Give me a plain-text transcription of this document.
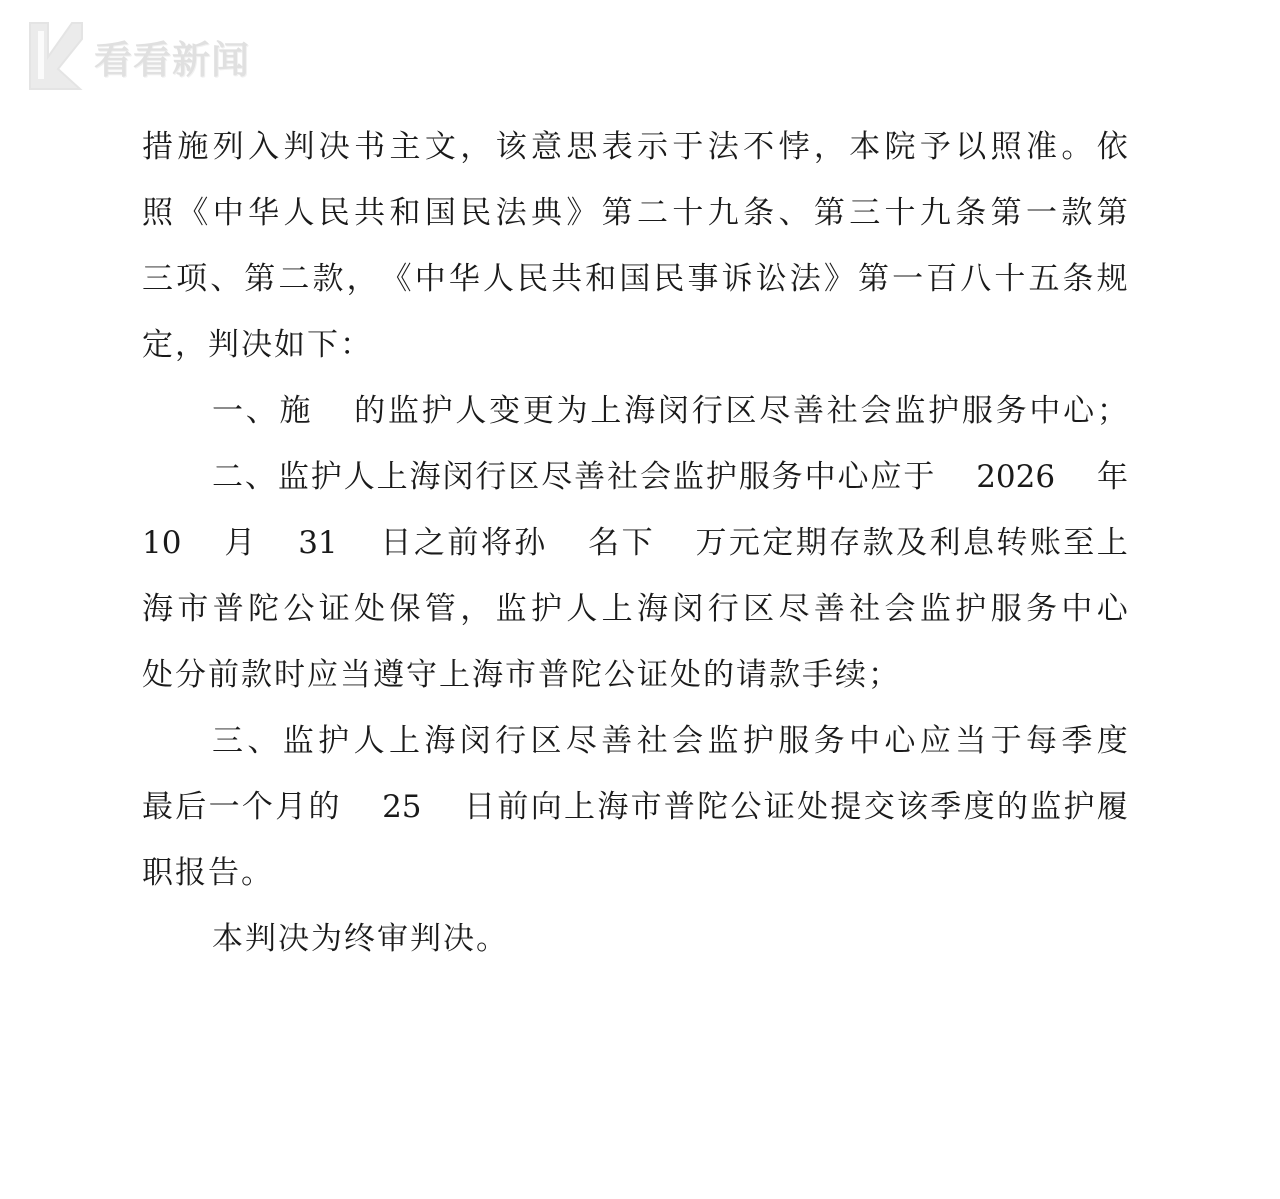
看看新闻
措 施 列 入 判 决 书 主 文 ， 该 意 思 表 示 于 法 不 悖 ， 本 院 予 以 照 准 。 依
照 《 中 华 人 民 共 和 国 民 法 典 》 第 二 十 九 条 、 第 三 十 九 条 第 一 款 第
三 项 、 第 二 款 ， 《 中 华 人 民 共 和 国 民 事 诉 讼 法 》 第 一 百 八 十 五 条 规
定 ， 判 决 如 下 ：
一 、 施 的 监 护 人 变 更 为 上 海 闵 行 区 尽 善 社 会 监 护 服 务 中 心 ；
二 、 监 护 人 上 海 闵 行 区 尽 善 社 会 监 护 服 务 中 心 应 于 2026 年
10 月 31 日 之 前 将 孙 名 下 万 元 定 期 存 款 及 利 息 转 账 至 上
海 市 普 陀 公 证 处 保 管 ， 监 护 人 上 海 闵 行 区 尽 善 社 会 监 护 服 务 中 心
处 分 前 款 时 应 当 遵 守 上 海 市 普 陀 公 证 处 的 请 款 手 续 ；
三 、 监 护 人 上 海 闵 行 区 尽 善 社 会 监 护 服 务 中 心 应 当 于 每 季 度
最 后 一 个 月 的 25 日 前 向 上 海 市 普 陀 公 证 处 提 交 该 季 度 的 监 护 履
职 报 告 。
本 判 决 为 终 审 判 决 。
